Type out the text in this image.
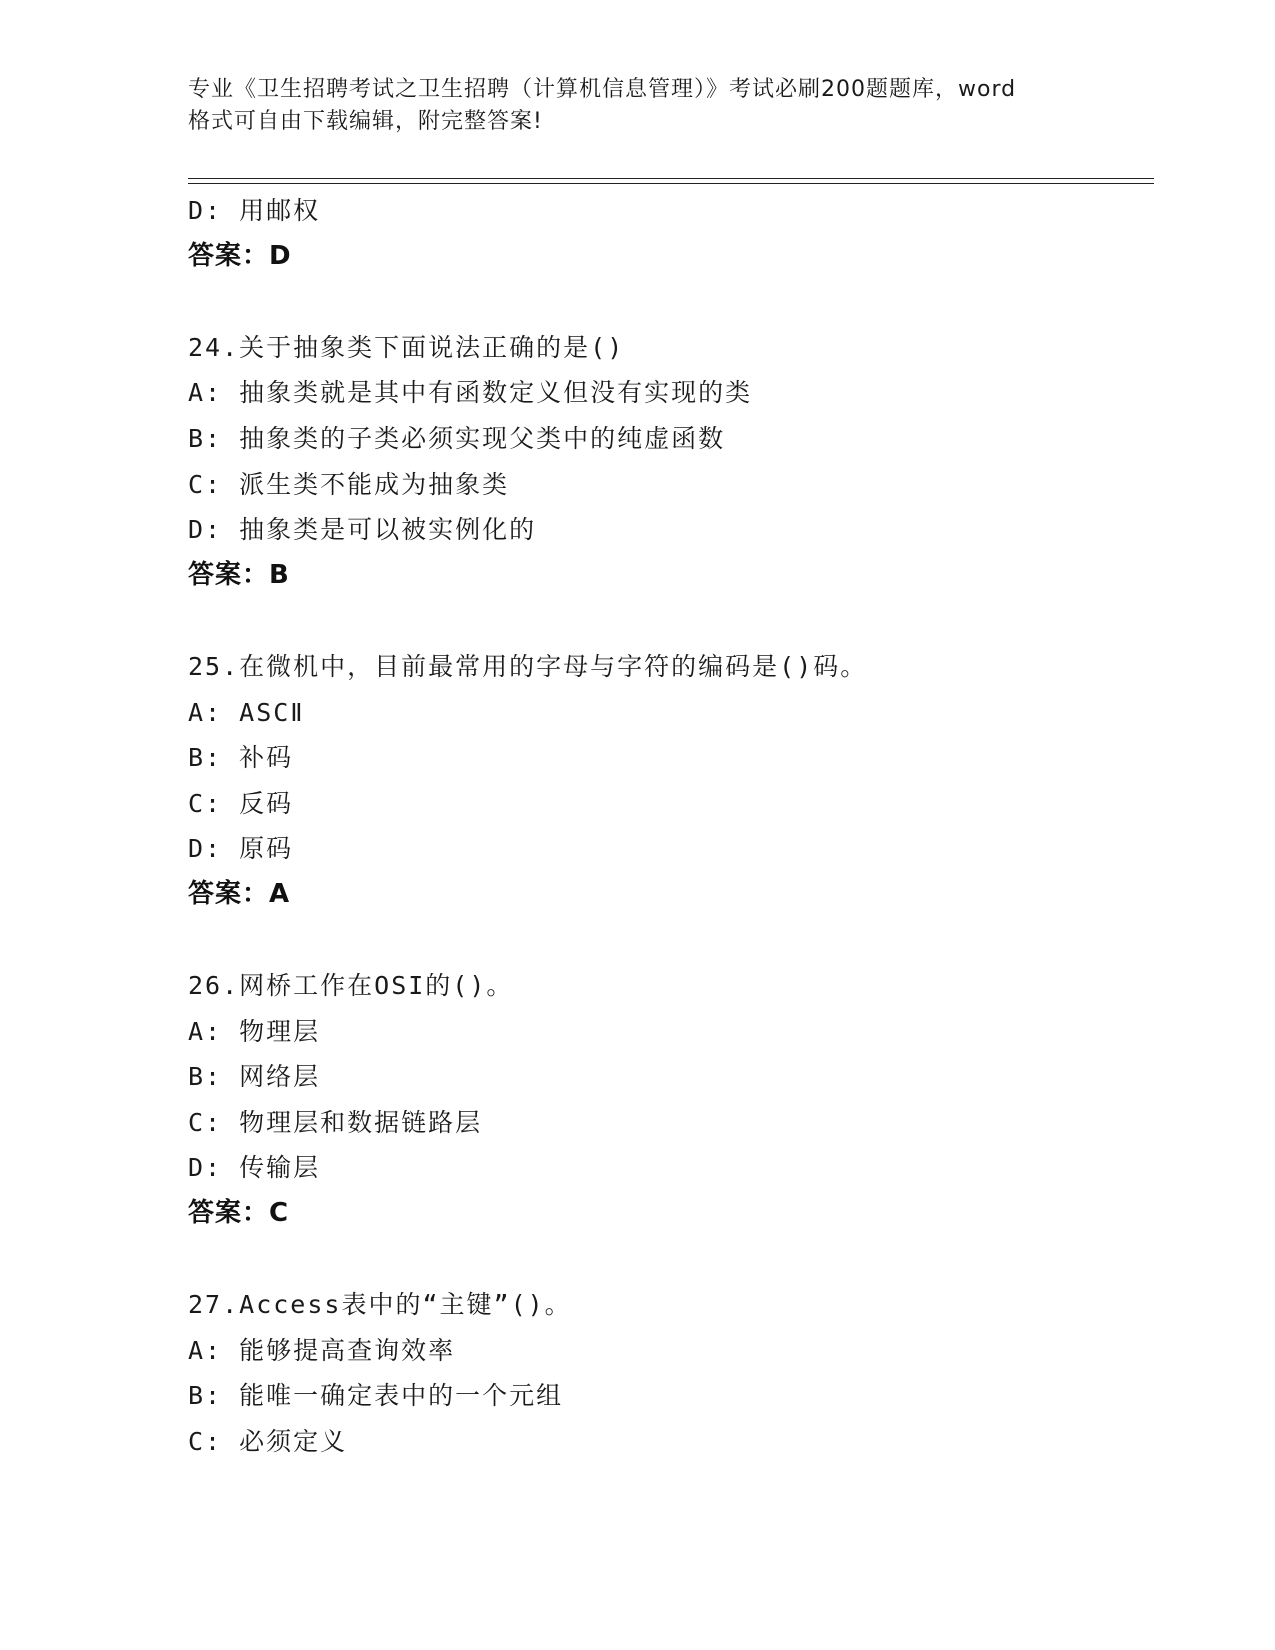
专业《卫生招聘考试之卫生招聘（计算机信息管理）》考试必刷200题题库，word
格式可自由下载编辑，附完整答案!
D: 用邮权
答案：D
24.关于抽象类下面说法正确的是()
A: 抽象类就是其中有函数定义但没有实现的类
B: 抽象类的子类必须实现父类中的纯虚函数
C: 派生类不能成为抽象类
D: 抽象类是可以被实例化的
答案：B
25.在微机中，目前最常用的字母与字符的编码是()码。
A: ASCⅡ
B: 补码
C: 反码
D: 原码
答案：A
26.网桥工作在OSI的()。
A: 物理层
B: 网络层
C: 物理层和数据链路层
D: 传输层
答案：C
27.Access表中的“主键”()。
A: 能够提高查询效率
B: 能唯一确定表中的一个元组
C: 必须定义
